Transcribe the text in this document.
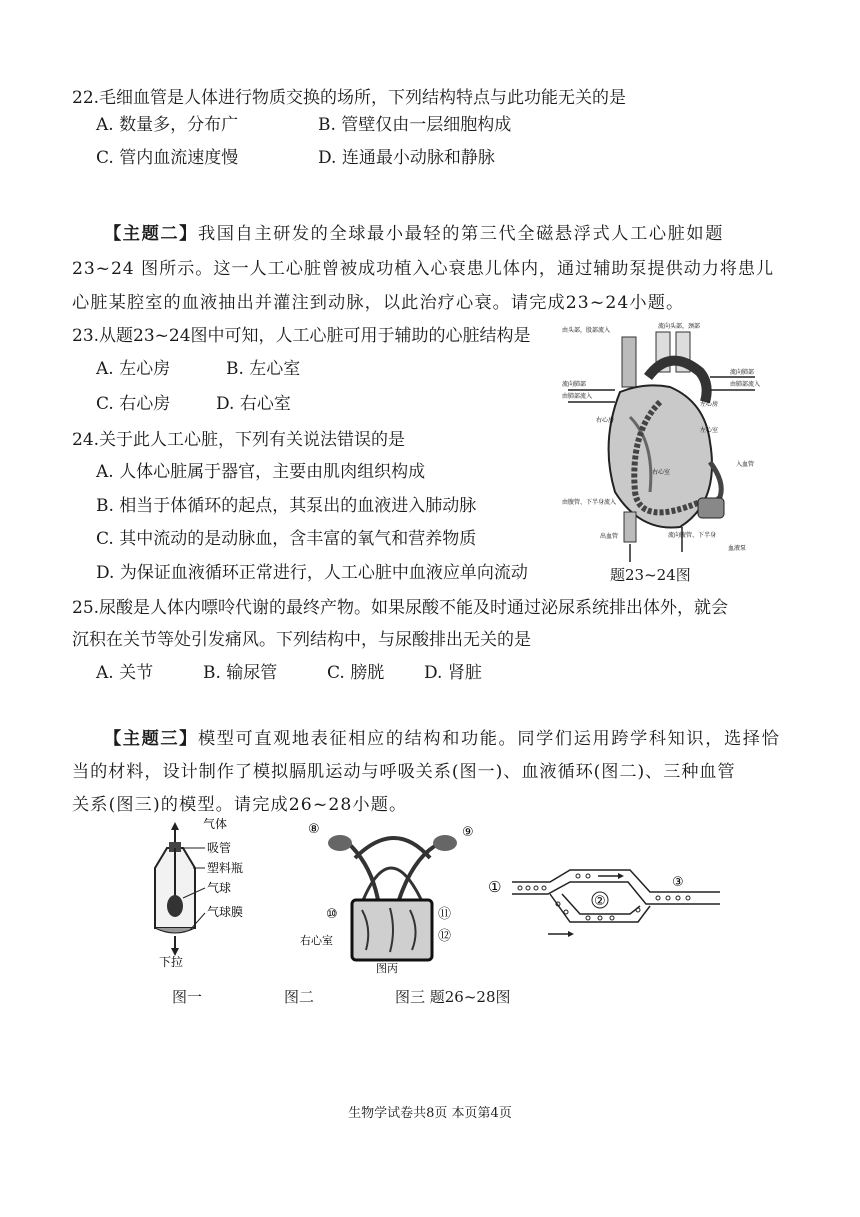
22.毛细血管是人体进行物质交换的场所，下列结构特点与此功能无关的是
A. 数量多，分布广	B. 管壁仅由一层细胞构成
C. 管内血流速度慢	D. 连通最小动脉和静脉
【主题二】我国自主研发的全球最小最轻的第三代全磁悬浮式人工心脏如题
23~24 图所示。这一人工心脏曾被成功植入心衰患儿体内，通过辅助泵提供动力将患儿
心脏某腔室的血液抽出并灌注到动脉，以此治疗心衰。请完成23~24小题。
23.从题23~24图中可知，人工心脏可用于辅助的心脏结构是
A. 左心房	B. 左心室
C. 右心房	D. 右心室
24.关于此人工心脏，下列有关说法错误的是
A. 人体心脏属于器官，主要由肌肉组织构成
B. 相当于体循环的起点，其泵出的血液进入肺动脉
C. 其中流动的是动脉血，含丰富的氧气和营养物质
D. 为保证血液循环正常进行，人工心脏中血液应单向流动	题23~24图
由头部，股部流入
流向头部，颈部
流向肺部
由肺部流入
流向肺部
由肺部流入
左心房
右心房
左心室
右心室
入血管
由腹管、下半身流入
出血管	流向腹管、下半身
血液泵
25.尿酸是人体内嘌呤代谢的最终产物。如果尿酸不能及时通过泌尿系统排出体外，就会
沉积在关节等处引发痛风。下列结构中，与尿酸排出无关的是
A. 关节	B. 输尿管	C. 膀胱 D. 肾脏
【主题三】模型可直观地表征相应的结构和功能。同学们运用跨学科知识，选择恰
当的材料，设计制作了模拟膈肌运动与呼吸关系(图一)、血液循环(图二)、三种血管
关系(图三)的模型。请完成26~28小题。
气体
吸管
塑料瓶
气球
气球膜
下拉
⑧	⑨
⑩	⑪
⑫
右心室
图丙
①
②
③
图一	图二	图三 题26~28图
生物学试卷共8页 本页第4页
